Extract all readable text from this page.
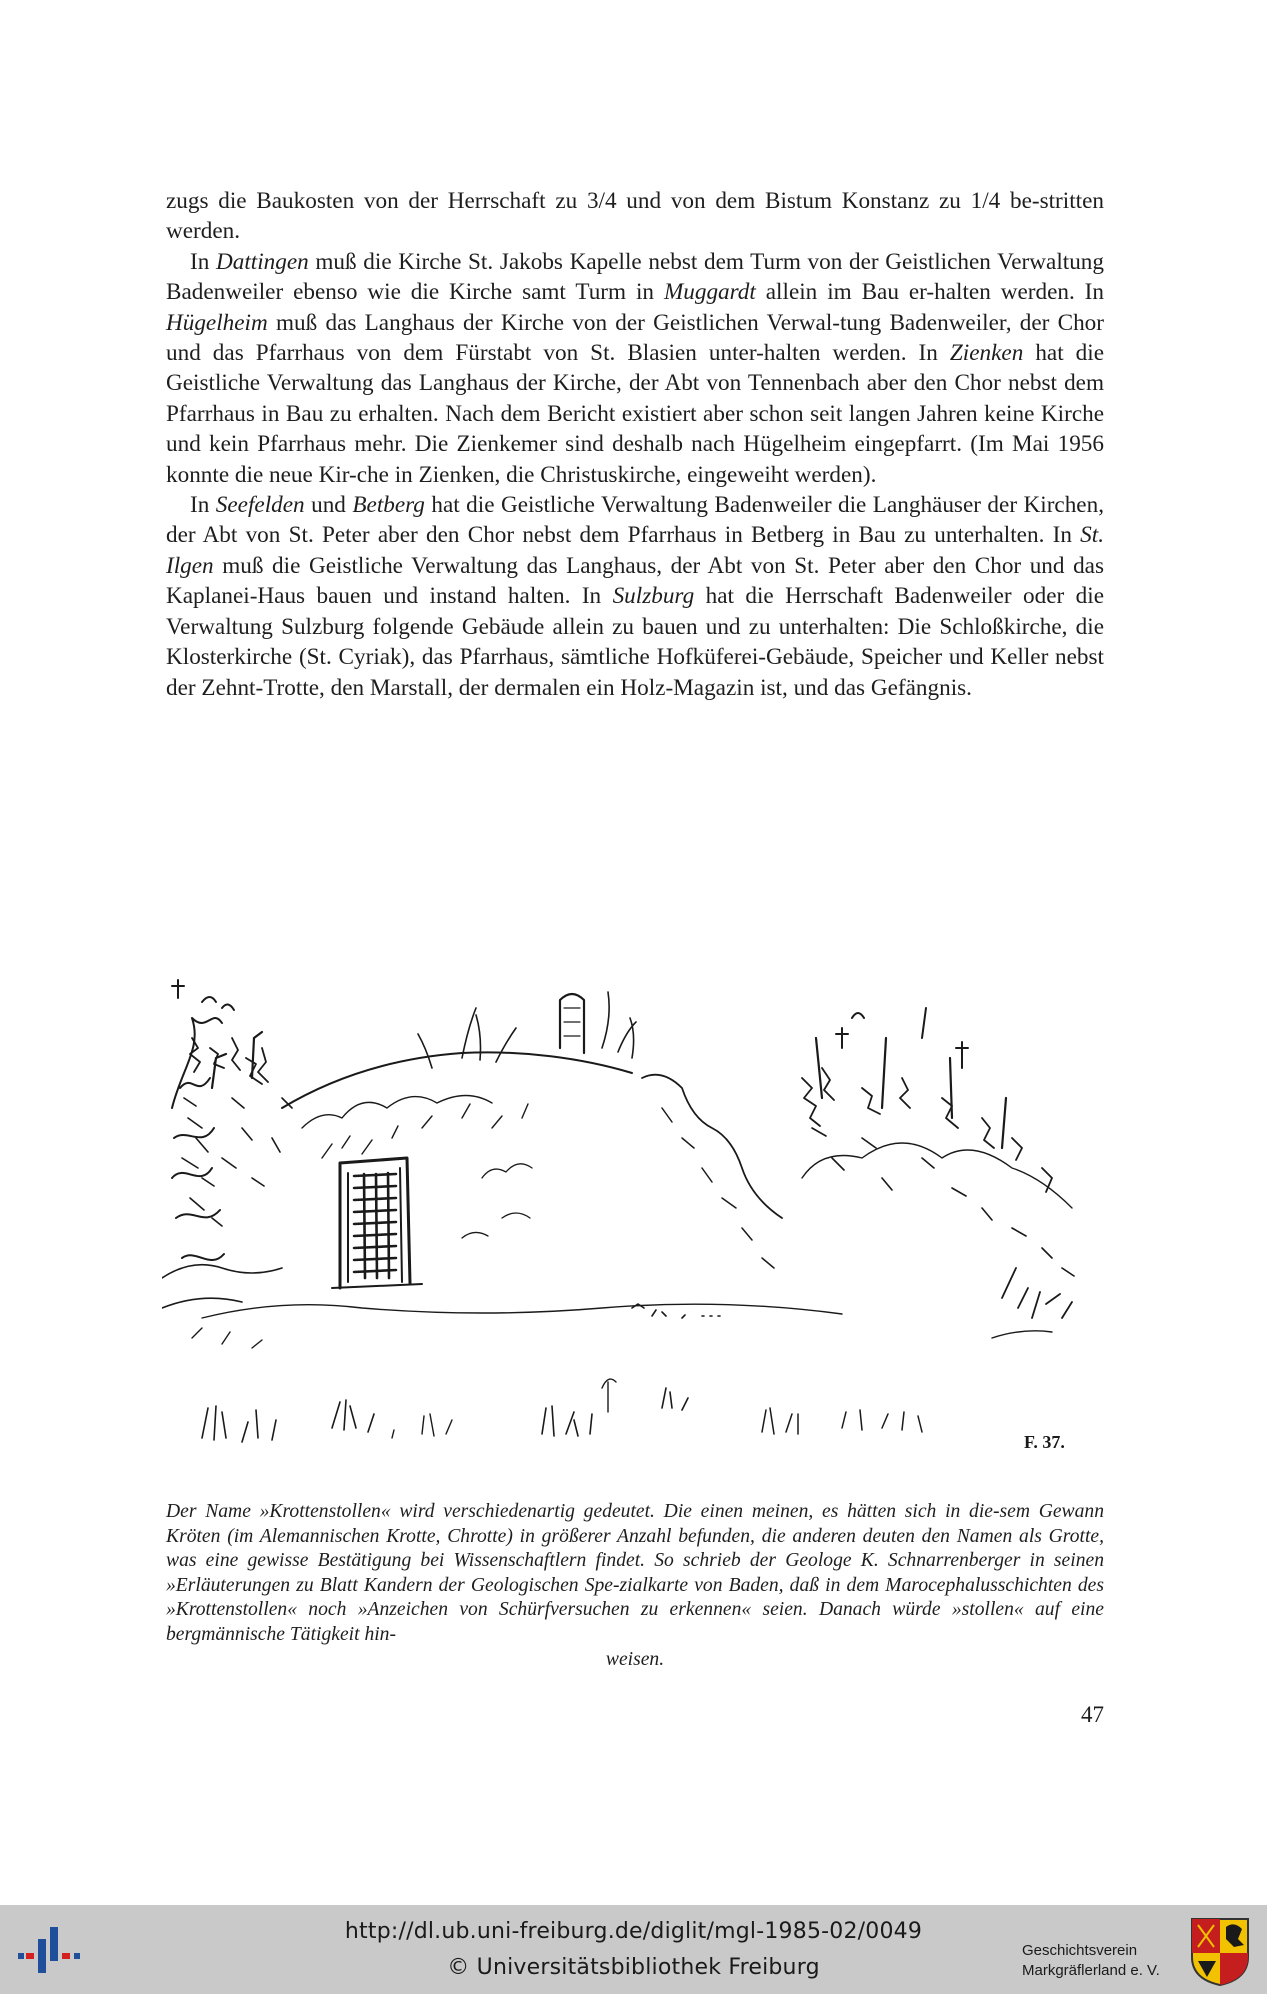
zugs die Baukosten von der Herrschaft zu 3/4 und von dem Bistum Konstanz zu 1/4 be-stritten werden.

In Dattingen muß die Kirche St. Jakobs Kapelle nebst dem Turm von der Geistlichen Verwaltung Badenweiler ebenso wie die Kirche samt Turm in Muggardt allein im Bau er-halten werden. In Hügelheim muß das Langhaus der Kirche von der Geistlichen Verwal-tung Badenweiler, der Chor und das Pfarrhaus von dem Fürstabt von St. Blasien unter-halten werden. In Zienken hat die Geistliche Verwaltung das Langhaus der Kirche, der Abt von Tennenbach aber den Chor nebst dem Pfarrhaus in Bau zu erhalten. Nach dem Bericht existiert aber schon seit langen Jahren keine Kirche und kein Pfarrhaus mehr. Die Zienkemer sind deshalb nach Hügelheim eingepfarrt. (Im Mai 1956 konnte die neue Kir-che in Zienken, die Christuskirche, eingeweiht werden).

In Seefelden und Betberg hat die Geistliche Verwaltung Badenweiler die Langhäuser der Kirchen, der Abt von St. Peter aber den Chor nebst dem Pfarrhaus in Betberg in Bau zu unterhalten. In St. Ilgen muß die Geistliche Verwaltung das Langhaus, der Abt von St. Peter aber den Chor und das Kaplanei-Haus bauen und instand halten. In Sulzburg hat die Herrschaft Badenweiler oder die Verwaltung Sulzburg folgende Gebäude allein zu bauen und zu unterhalten: Die Schloßkirche, die Klosterkirche (St. Cyriak), das Pfarrhaus, sämtliche Hofküferei-Gebäude, Speicher und Keller nebst der Zehnt-Trotte, den Marstall, der dermalen ein Holz-Magazin ist, und das Gefängnis.

F. 37.
Der Name »Krottenstollen« wird verschiedenartig gedeutet. Die einen meinen, es hätten sich in die-sem Gewann Kröten (im Alemannischen Krotte, Chrotte) in größerer Anzahl befunden, die anderen deuten den Namen als Grotte, was eine gewisse Bestätigung bei Wissenschaftlern findet. So schrieb der Geologe K. Schnarrenberger in seinen »Erläuterungen zu Blatt Kandern der Geologischen Spe-zialkarte von Baden, daß in dem Marocephalusschichten des »Krottenstollen« noch »Anzeichen von Schürfversuchen zu erkennen« seien. Danach würde »stollen« auf eine bergmännische Tätigkeit hin-
weisen.
47
http://dl.ub.uni-freiburg.de/diglit/mgl-1985-02/0049
© Universitätsbibliothek Freiburg
Geschichtsverein
Markgräflerland e. V.
